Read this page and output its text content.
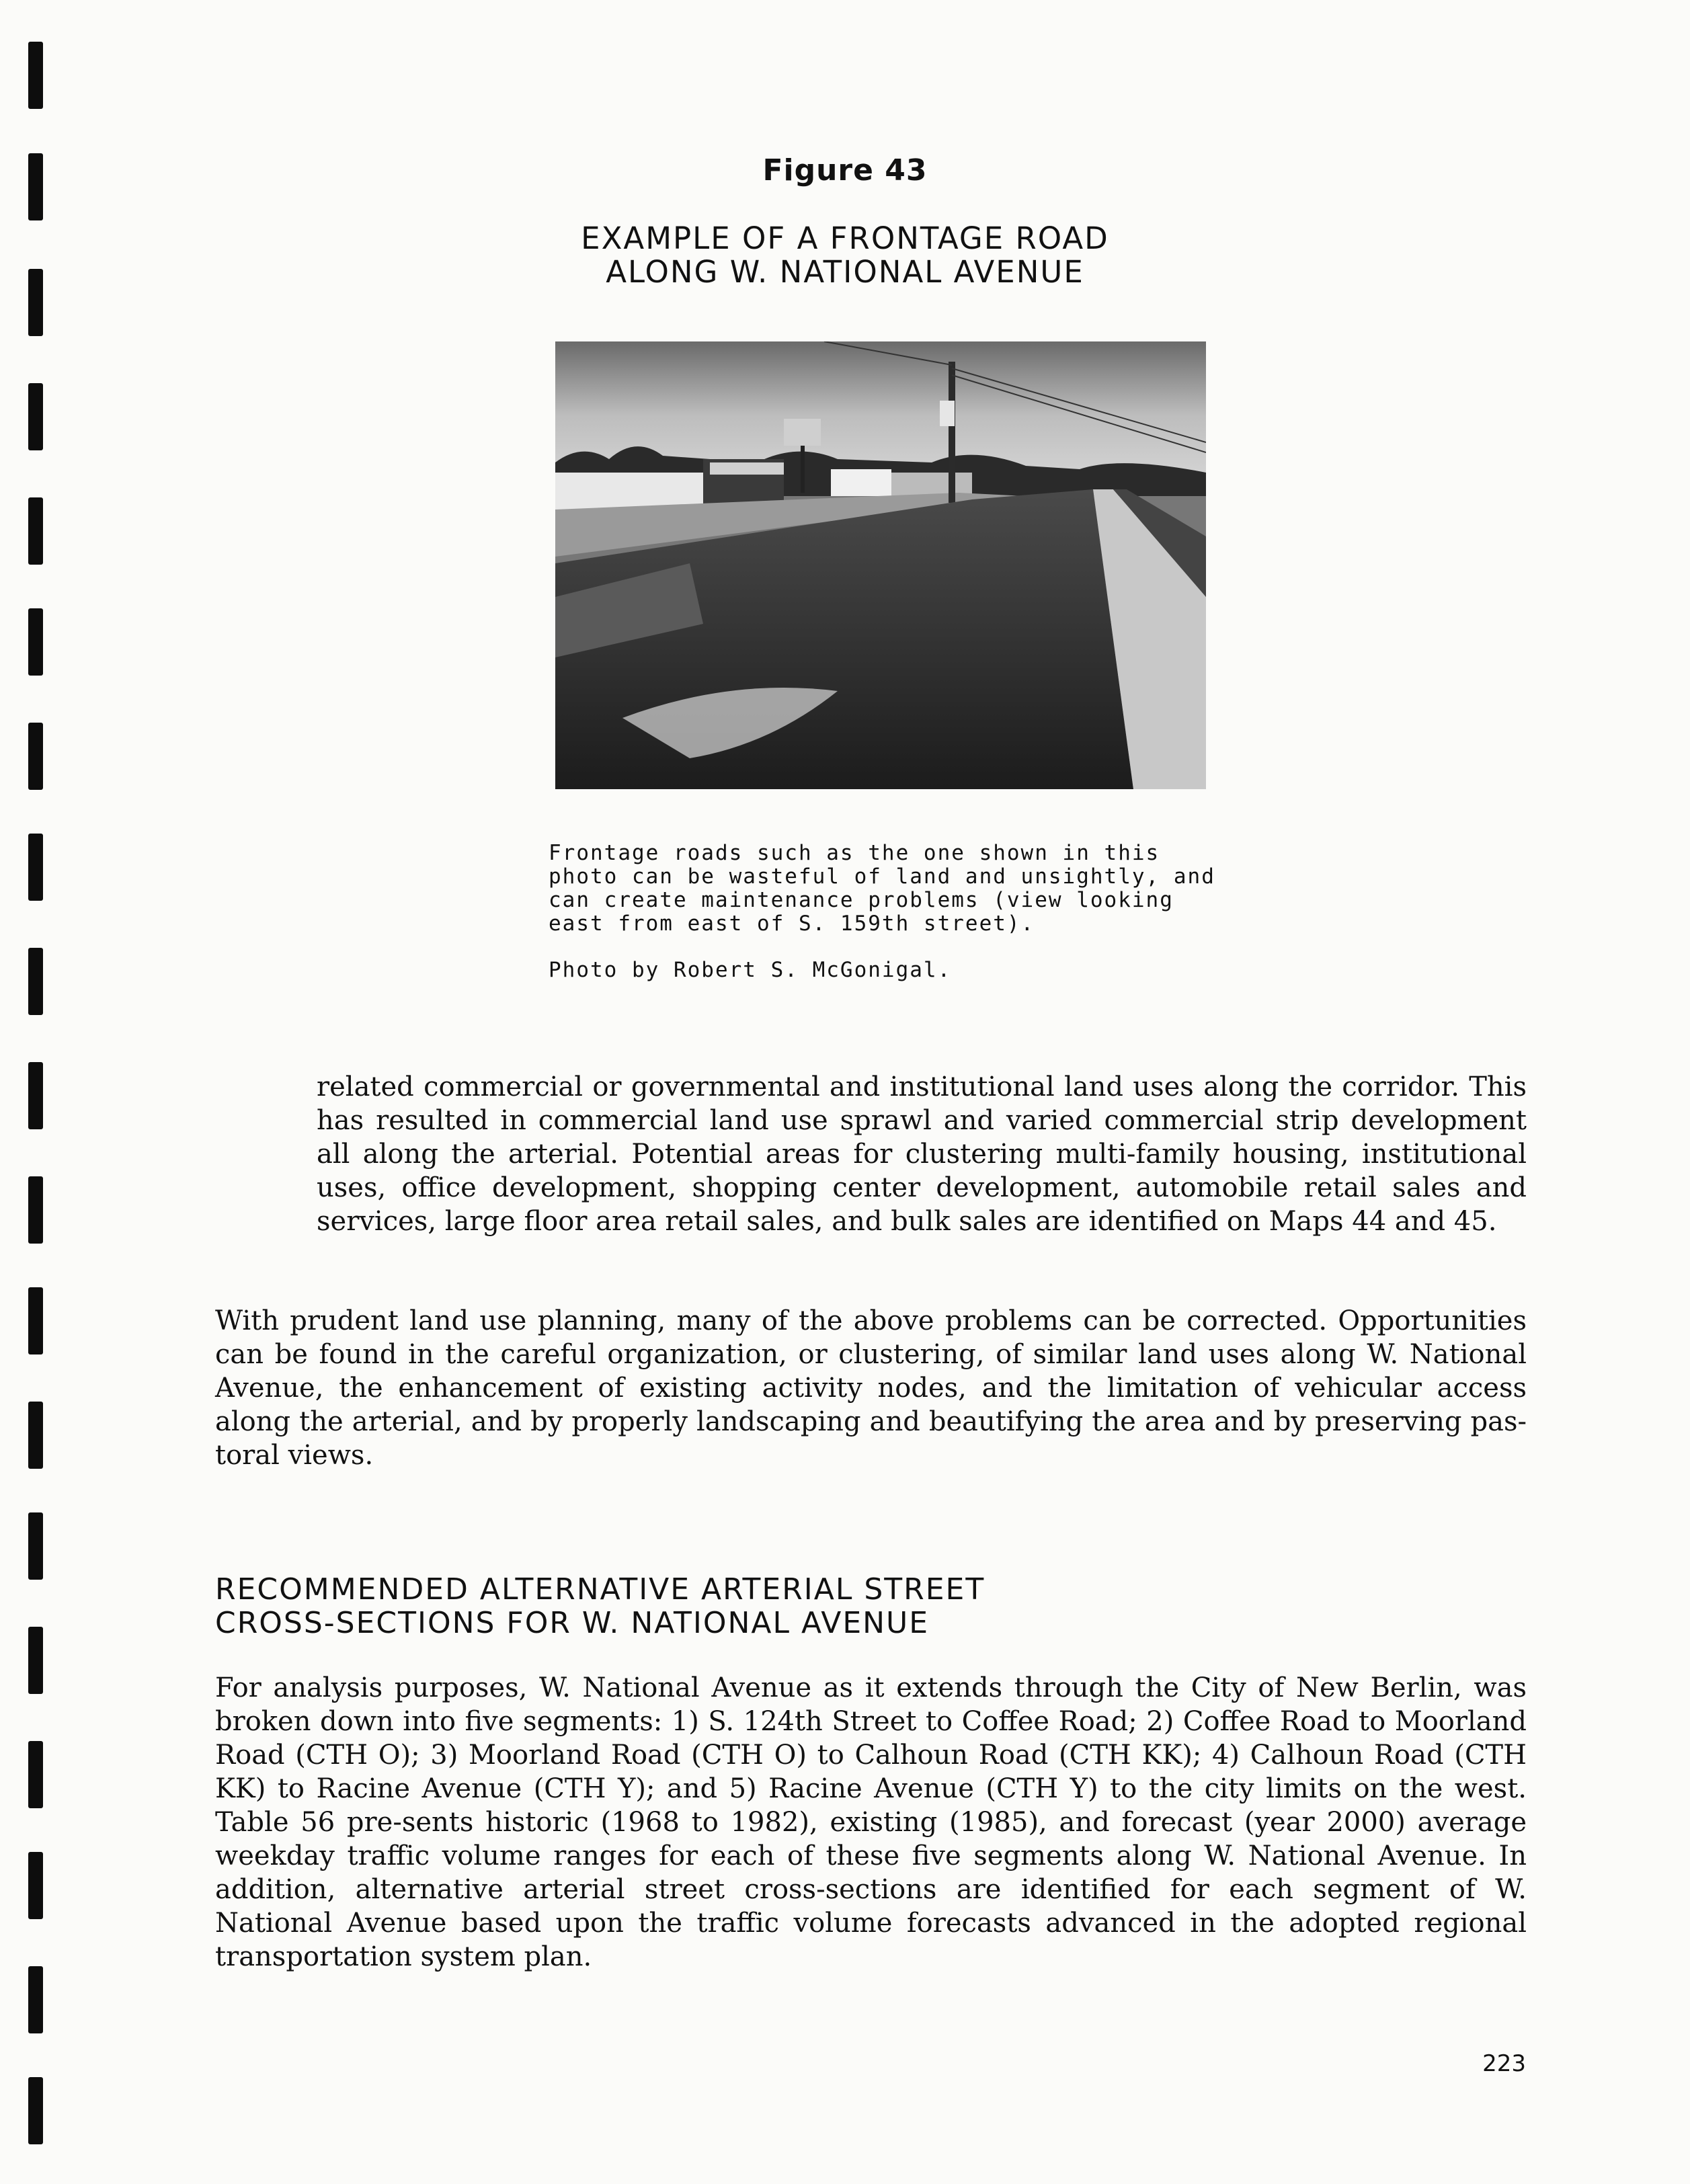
Figure 43
EXAMPLE OF A FRONTAGE ROAD
ALONG W. NATIONAL AVENUE
Frontage roads such as the one shown in this photo can be wasteful of land and unsightly, and can create maintenance problems (view looking east from east of S. 159th street).
Photo by Robert S. McGonigal.

related commercial or governmental and institutional land uses along the corridor. This has resulted in commercial land use sprawl and varied commercial strip development all along the arterial. Potential areas for clustering multi-family housing, institutional uses, office development, shopping center development, automobile retail sales and services, large floor area retail sales, and bulk sales are identified on Maps 44 and 45.

With prudent land use planning, many of the above problems can be corrected. Opportunities can be found in the careful organization, or clustering, of similar land uses along W. National Avenue, the enhancement of existing activity nodes, and the limitation of vehicular access along the arterial, and by properly landscaping and beautifying the area and by preserving pas-toral views.

RECOMMENDED ALTERNATIVE ARTERIAL STREET
CROSS-SECTIONS FOR W. NATIONAL AVENUE

For analysis purposes, W. National Avenue as it extends through the City of New Berlin, was broken down into five segments: 1) S. 124th Street to Coffee Road; 2) Coffee Road to Moorland Road (CTH O); 3) Moorland Road (CTH O) to Calhoun Road (CTH KK); 4) Calhoun Road (CTH KK) to Racine Avenue (CTH Y); and 5) Racine Avenue (CTH Y) to the city limits on the west. Table 56 pre-sents historic (1968 to 1982), existing (1985), and forecast (year 2000) average weekday traffic volume ranges for each of these five segments along W. National Avenue. In addition, alternative arterial street cross-sections are identified for each segment of W. National Avenue based upon the traffic volume forecasts advanced in the adopted regional transportation system plan.

223
